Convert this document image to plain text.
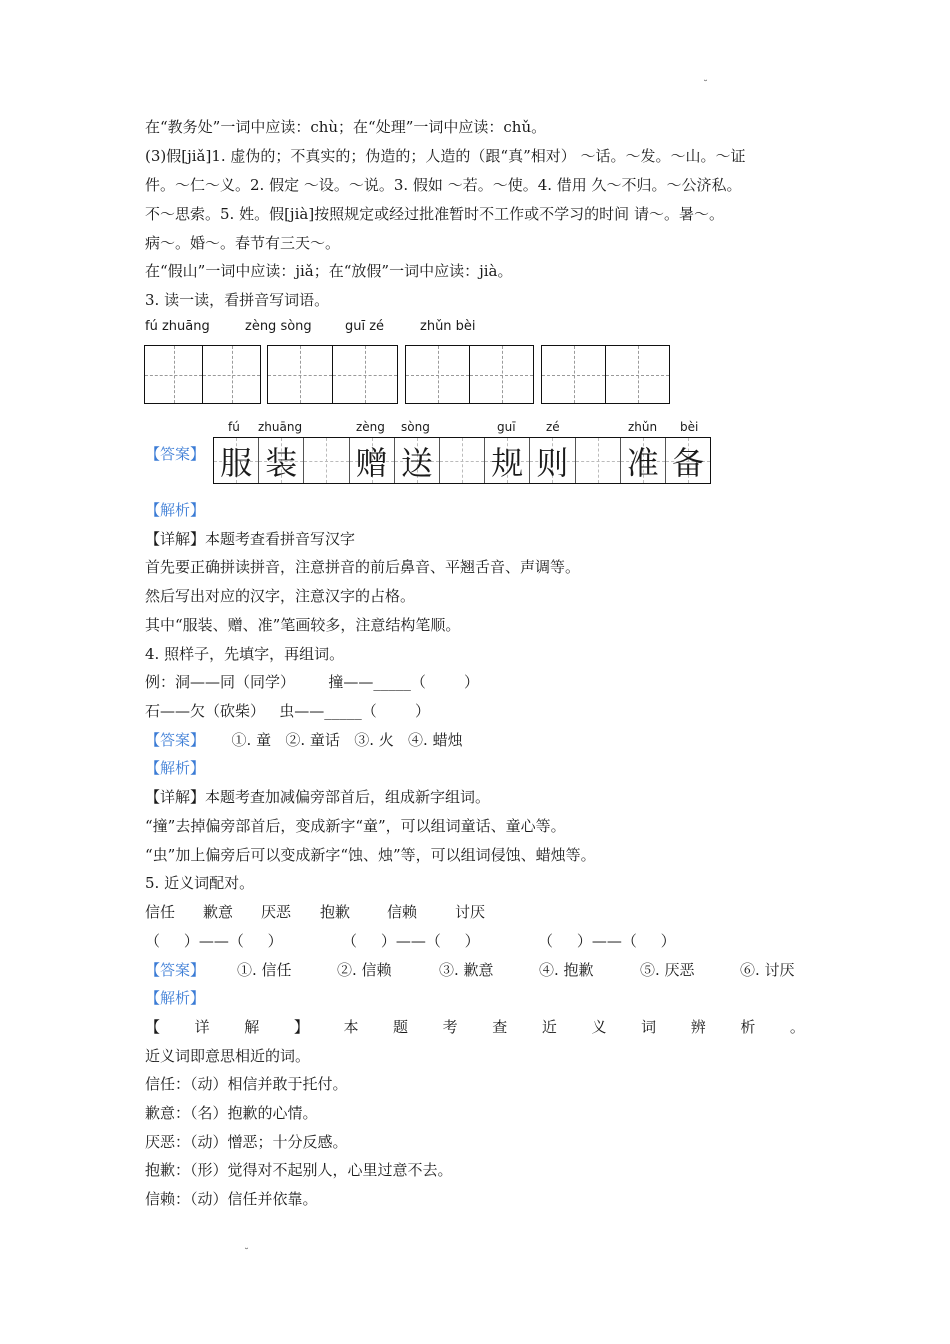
˘
在“教务处”一词中应读：chù；在“处理”一词中应读：chǔ。
(3)假[jiǎ]1. 虚伪的；不真实的；伪造的；人造的（跟“真”相对） ～话。～发。～山。～证
件。～仁～义。2. 假定 ～设。～说。3. 假如 ～若。～使。4. 借用 久～不归。～公济私。
不～思索。5. 姓。假[jià]按照规定或经过批准暂时不工作或不学习的时间 请～。暑～。
病～。婚～。春节有三天～。
在“假山”一词中应读：jiǎ；在“放假”一词中应读：jià。
3. 读一读，看拼音写词语。
fú zhuāng	zèng sòng	guī zé	zhǔn bèi
【答案】
fú zhuāng	zèng sòng	guī	zé	zhǔn bèi
服 装 赠 送 规 则 准 备
【解析】
【详解】本题考查看拼音写汉字
首先要正确拼读拼音，注意拼音的前后鼻音、平翘舌音、声调等。
然后写出对应的汉字，注意汉字的占格。
其中“服装、赠、准”笔画较多，注意结构笔顺。
4. 照样子，先填字，再组词。
例：洞——同（同学）       撞——_____（        ）
石——欠（砍柴）   虫——_____（        ）
【答案】 ①. 童   ②. 童话   ③. 火   ④. 蜡烛
【解析】
【详解】本题考查加减偏旁部首后，组成新字组词。
“撞”去掉偏旁部首后，变成新字“童”，可以组词童话、童心等。
“虫”加上偏旁后可以变成新字“蚀、烛”等，可以组词侵蚀、蜡烛等。
5. 近义词配对。
信任 歉意 厌恶 抱歉 信赖	讨厌
（     ）——（     ）	（     ）——（     ）	（     ）——（     ）
【答案】 ①. 信任	②. 信赖	③. 歉意	④. 抱歉	⑤. 厌恶	⑥. 讨厌
【解析】
【 详 解 】 本 题 考 查 近 义 词 辨 析 。
近义词即意思相近的词。
信任：（动）相信并敢于托付。
歉意：（名）抱歉的心情。
厌恶：（动）憎恶；十分反感。
抱歉：（形）觉得对不起别人，心里过意不去。
信赖：（动）信任并依靠。
˘
